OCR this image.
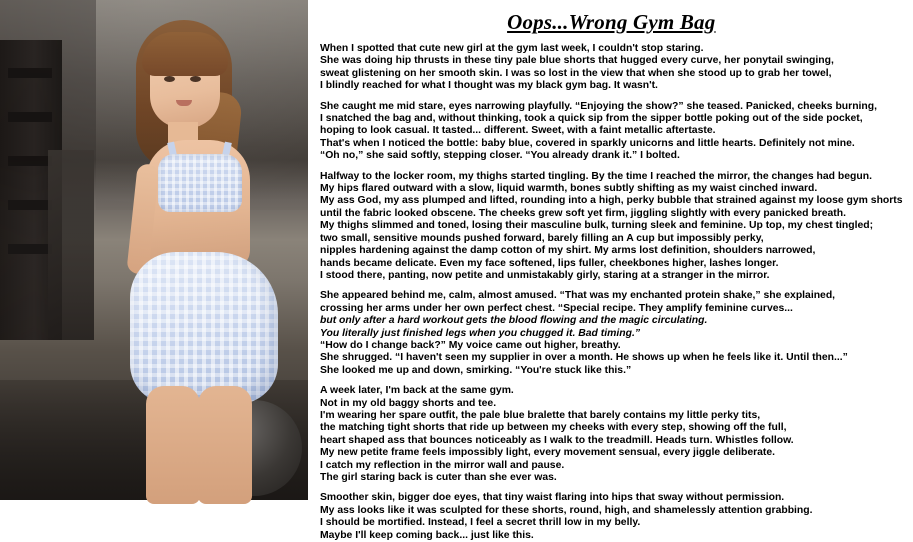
Oops...Wrong Gym Bag

When I spotted that cute new girl at the gym last week, I couldn't stop staring.
She was doing hip thrusts in these tiny pale blue shorts that hugged every curve, her ponytail swinging,
sweat glistening on her smooth skin. I was so lost in the view that when she stood up to grab her towel,
I blindly reached for what I thought was my black gym bag. It wasn't.

She caught me mid stare, eyes narrowing playfully. “Enjoying the show?” she teased. Panicked, cheeks burning,
I snatched the bag and, without thinking, took a quick sip from the sipper bottle poking out of the side pocket,
hoping to look casual. It tasted... different. Sweet, with a faint metallic aftertaste.
That's when I noticed the bottle: baby blue, covered in sparkly unicorns and little hearts. Definitely not mine.
“Oh no,” she said softly, stepping closer. “You already drank it.” I bolted.

Halfway to the locker room, my thighs started tingling. By the time I reached the mirror, the changes had begun.
My hips flared outward with a slow, liquid warmth, bones subtly shifting as my waist cinched inward.
My ass God, my ass plumped and lifted, rounding into a high, perky bubble that strained against my loose gym shorts
until the fabric looked obscene. The cheeks grew soft yet firm, jiggling slightly with every panicked breath.
My thighs slimmed and toned, losing their masculine bulk, turning sleek and feminine. Up top, my chest tingled;
two small, sensitive mounds pushed forward, barely filling an A cup but impossibly perky,
nipples hardening against the damp cotton of my shirt. My arms lost definition, shoulders narrowed,
hands became delicate. Even my face softened, lips fuller, cheekbones higher, lashes longer.
I stood there, panting, now petite and unmistakably girly, staring at a stranger in the mirror.

She appeared behind me, calm, almost amused. “That was my enchanted protein shake,” she explained,
crossing her arms under her own perfect chest. “Special recipe. They amplify feminine curves...
but only after a hard workout gets the blood flowing and the magic circulating.
You literally just finished legs when you chugged it. Bad timing.”
“How do I change back?” My voice came out higher, breathy.
She shrugged. “I haven't seen my supplier in over a month. He shows up when he feels like it. Until then...”
She looked me up and down, smirking. “You're stuck like this.”

A week later, I'm back at the same gym.
Not in my old baggy shorts and tee.
I'm wearing her spare outfit, the pale blue bralette that barely contains my little perky tits,
the matching tight shorts that ride up between my cheeks with every step, showing off the full,
heart shaped ass that bounces noticeably as I walk to the treadmill. Heads turn. Whistles follow.
My new petite frame feels impossibly light, every movement sensual, every jiggle deliberate.
I catch my reflection in the mirror wall and pause.
The girl staring back is cuter than she ever was.

Smoother skin, bigger doe eyes, that tiny waist flaring into hips that sway without permission.
My ass looks like it was sculpted for these shorts, round, high, and shamelessly attention grabbing.
I should be mortified. Instead, I feel a secret thrill low in my belly.
Maybe I'll keep coming back... just like this.
